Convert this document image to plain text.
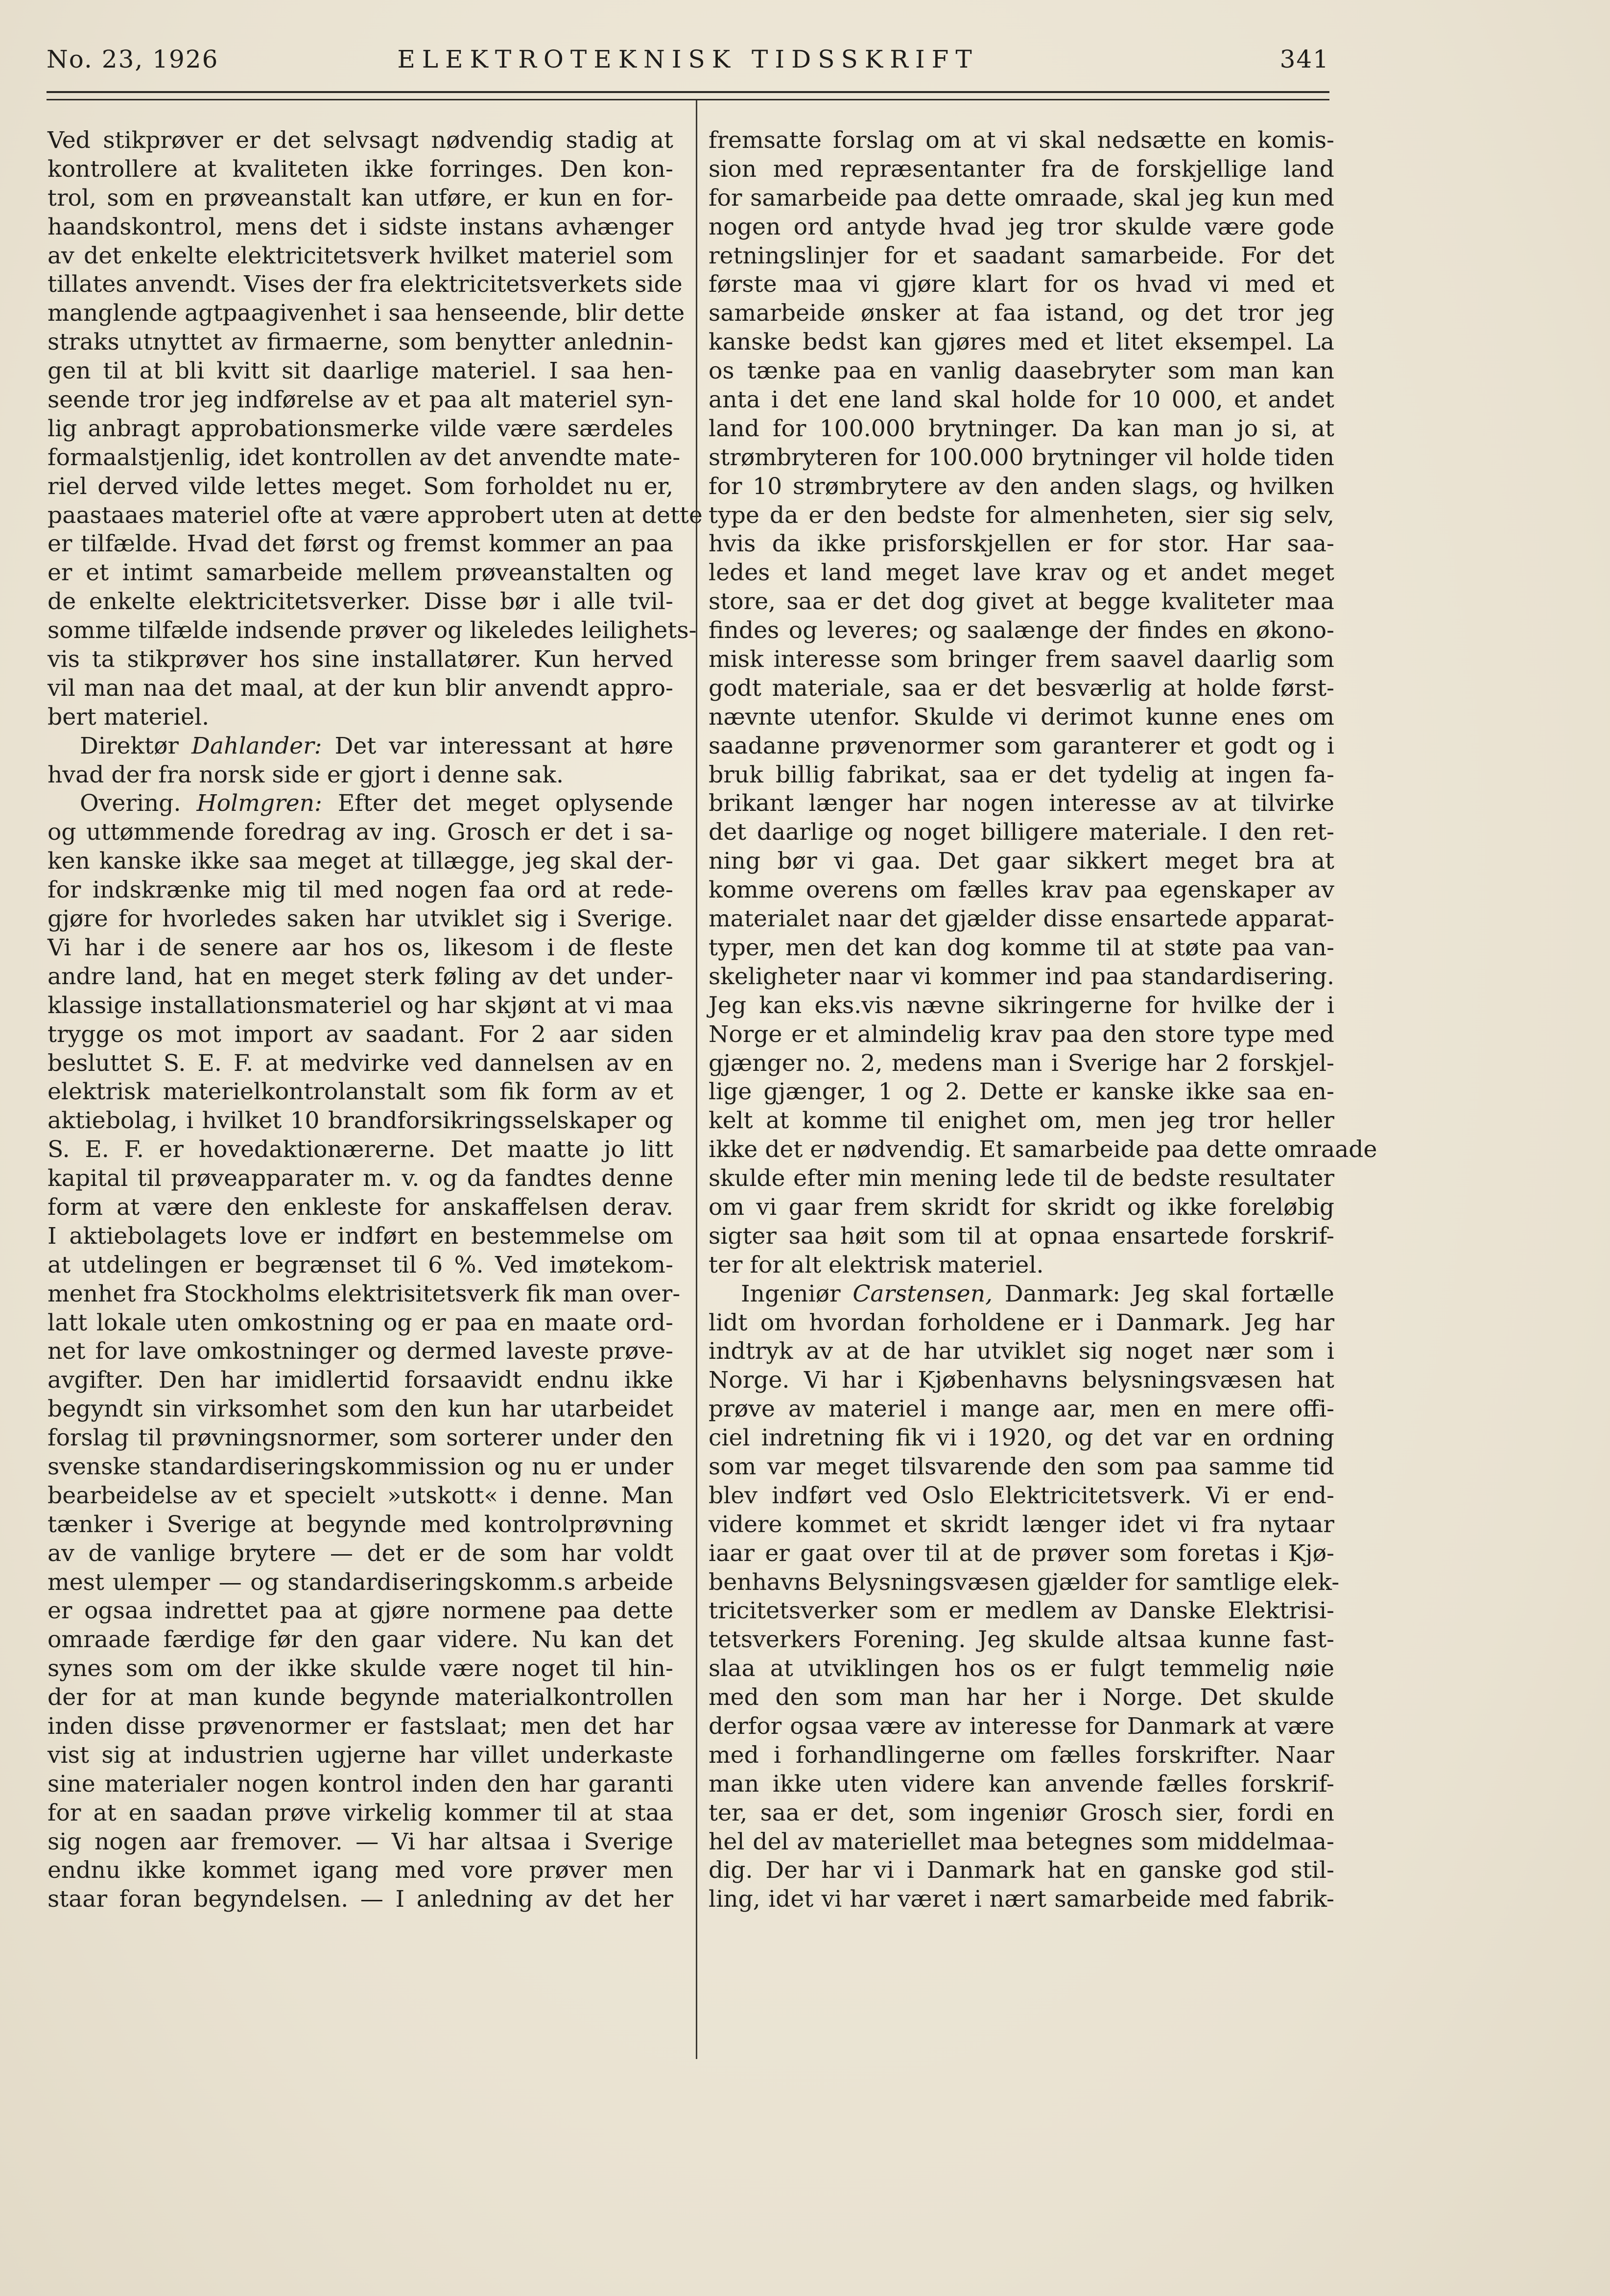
No. 23, 1926	ELEKTROTEKNISK TIDSSKRIFT	341
Ved stikprøver er det selvsagt nødvendig stadig at
kontrollere at kvaliteten ikke forringes. Den kon-
trol, som en prøveanstalt kan utføre, er kun en for-
haandskontrol, mens det i sidste instans avhænger
av det enkelte elektricitetsverk hvilket materiel som
tillates anvendt. Vises der fra elektricitetsverkets side
manglende agtpaagivenhet i saa henseende, blir dette
straks utnyttet av firmaerne, som benytter anlednin-
gen til at bli kvitt sit daarlige materiel. I saa hen-
seende tror jeg indførelse av et paa alt materiel syn-
lig anbragt approbationsmerke vilde være særdeles
formaalstjenlig, idet kontrollen av det anvendte mate-
riel derved vilde lettes meget. Som forholdet nu er,
paastaaes materiel ofte at være approbert uten at dette
er tilfælde. Hvad det først og fremst kommer an paa
er et intimt samarbeide mellem prøveanstalten og
de enkelte elektricitetsverker. Disse bør i alle tvil-
somme tilfælde indsende prøver og likeledes leilighets-
vis ta stikprøver hos sine installatører. Kun herved
vil man naa det maal, at der kun blir anvendt appro-
bert materiel.
Direktør Dahlander: Det var interessant at høre
hvad der fra norsk side er gjort i denne sak.
Overing. Holmgren: Efter det meget oplysende
og uttømmende foredrag av ing. Grosch er det i sa-
ken kanske ikke saa meget at tillægge, jeg skal der-
for indskrænke mig til med nogen faa ord at rede-
gjøre for hvorledes saken har utviklet sig i Sverige.
Vi har i de senere aar hos os, likesom i de fleste
andre land, hat en meget sterk føling av det under-
klassige installationsmateriel og har skjønt at vi maa
trygge os mot import av saadant. For 2 aar siden
besluttet S. E. F. at medvirke ved dannelsen av en
elektrisk materielkontrolanstalt som fik form av et
aktiebolag, i hvilket 10 brandforsikringsselskaper og
S. E. F. er hovedaktionærerne. Det maatte jo litt
kapital til prøveapparater m. v. og da fandtes denne
form at være den enkleste for anskaffelsen derav.
I aktiebolagets love er indført en bestemmelse om
at utdelingen er begrænset til 6 %. Ved imøtekom-
menhet fra Stockholms elektrisitetsverk fik man over-
latt lokale uten omkostning og er paa en maate ord-
net for lave omkostninger og dermed laveste prøve-
avgifter. Den har imidlertid forsaavidt endnu ikke
begyndt sin virksomhet som den kun har utarbeidet
forslag til prøvningsnormer, som sorterer under den
svenske standardiseringskommission og nu er under
bearbeidelse av et specielt »utskott« i denne. Man
tænker i Sverige at begynde med kontrolprøvning
av de vanlige brytere — det er de som har voldt
mest ulemper — og standardiseringskomm.s arbeide
er ogsaa indrettet paa at gjøre normene paa dette
omraade færdige før den gaar videre. Nu kan det
synes som om der ikke skulde være noget til hin-
der for at man kunde begynde materialkontrollen
inden disse prøvenormer er fastslaat; men det har
vist sig at industrien ugjerne har villet underkaste
sine materialer nogen kontrol inden den har garanti
for at en saadan prøve virkelig kommer til at staa
sig nogen aar fremover. — Vi har altsaa i Sverige
endnu ikke kommet igang med vore prøver men
staar foran begyndelsen. — I anledning av det her
fremsatte forslag om at vi skal nedsætte en komis-
sion med repræsentanter fra de forskjellige land
for samarbeide paa dette omraade, skal jeg kun med
nogen ord antyde hvad jeg tror skulde være gode
retningslinjer for et saadant samarbeide. For det
første maa vi gjøre klart for os hvad vi med et
samarbeide ønsker at faa istand, og det tror jeg
kanske bedst kan gjøres med et litet eksempel. La
os tænke paa en vanlig daasebryter som man kan
anta i det ene land skal holde for 10 000, et andet
land for 100.000 brytninger. Da kan man jo si, at
strømbryteren for 100.000 brytninger vil holde tiden
for 10 strømbrytere av den anden slags, og hvilken
type da er den bedste for almenheten, sier sig selv,
hvis da ikke prisforskjellen er for stor. Har saa-
ledes et land meget lave krav og et andet meget
store, saa er det dog givet at begge kvaliteter maa
findes og leveres; og saalænge der findes en økono-
misk interesse som bringer frem saavel daarlig som
godt materiale, saa er det besværlig at holde først-
nævnte utenfor. Skulde vi derimot kunne enes om
saadanne prøvenormer som garanterer et godt og i
bruk billig fabrikat, saa er det tydelig at ingen fa-
brikant længer har nogen interesse av at tilvirke
det daarlige og noget billigere materiale. I den ret-
ning bør vi gaa. Det gaar sikkert meget bra at
komme overens om fælles krav paa egenskaper av
materialet naar det gjælder disse ensartede apparat-
typer, men det kan dog komme til at støte paa van-
skeligheter naar vi kommer ind paa standardisering.
Jeg kan eks.vis nævne sikringerne for hvilke der i
Norge er et almindelig krav paa den store type med
gjænger no. 2, medens man i Sverige har 2 forskjel-
lige gjænger, 1 og 2. Dette er kanske ikke saa en-
kelt at komme til enighet om, men jeg tror heller
ikke det er nødvendig. Et samarbeide paa dette omraade
skulde efter min mening lede til de bedste resultater
om vi gaar frem skridt for skridt og ikke foreløbig
sigter saa høit som til at opnaa ensartede forskrif-
ter for alt elektrisk materiel.
Ingeniør Carstensen, Danmark: Jeg skal fortælle
lidt om hvordan forholdene er i Danmark. Jeg har
indtryk av at de har utviklet sig noget nær som i
Norge. Vi har i Kjøbenhavns belysningsvæsen hat
prøve av materiel i mange aar, men en mere offi-
ciel indretning fik vi i 1920, og det var en ordning
som var meget tilsvarende den som paa samme tid
blev indført ved Oslo Elektricitetsverk. Vi er end-
videre kommet et skridt længer idet vi fra nytaar
iaar er gaat over til at de prøver som foretas i Kjø-
benhavns Belysningsvæsen gjælder for samtlige elek-
tricitetsverker som er medlem av Danske Elektrisi-
tetsverkers Forening. Jeg skulde altsaa kunne fast-
slaa at utviklingen hos os er fulgt temmelig nøie
med den som man har her i Norge. Det skulde
derfor ogsaa være av interesse for Danmark at være
med i forhandlingerne om fælles forskrifter. Naar
man ikke uten videre kan anvende fælles forskrif-
ter, saa er det, som ingeniør Grosch sier, fordi en
hel del av materiellet maa betegnes som middelmaa-
dig. Der har vi i Danmark hat en ganske god stil-
ling, idet vi har været i nært samarbeide med fabrik-
